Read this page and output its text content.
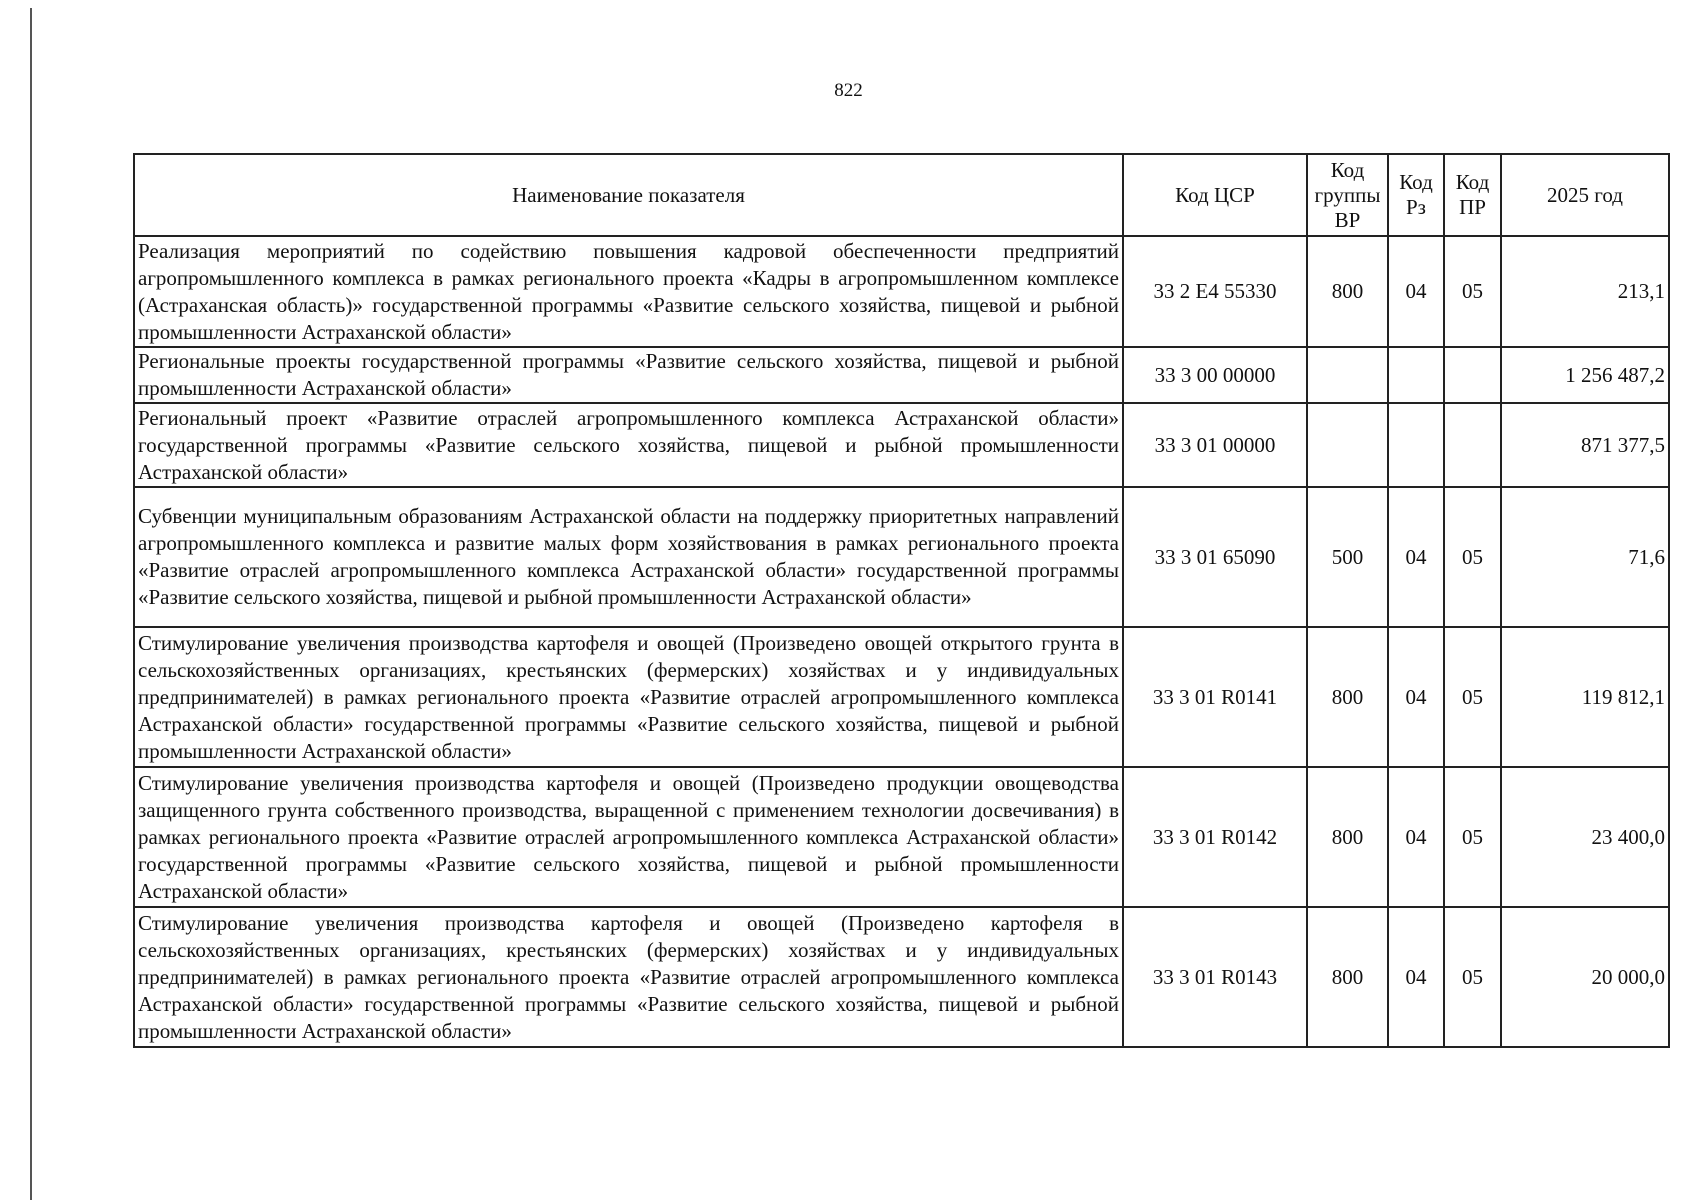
822
Наименование показателя	Код ЦСР	Код группы ВР	Код Рз	Код ПР	2025 год
Реализация мероприятий по содействию повышения кадровой обеспеченности предприятий агропромышленного комплекса в рамках регионального проекта «Кадры в агропромышленном комплексе (Астраханская область)» государственной программы «Развитие сельского хозяйства, пищевой и рыбной промышленности Астраханской области»	33 2 Е4 55330	800	04	05	213,1
Региональные проекты государственной программы «Развитие сельского хозяйства, пищевой и рыбной промышленности Астраханской области»	33 3 00 00000				1 256 487,2
Региональный проект «Развитие отраслей агропромышленного комплекса Астраханской области» государственной программы «Развитие сельского хозяйства, пищевой и рыбной промышленности Астраханской области»	33 3 01 00000				871 377,5
Субвенции муниципальным образованиям Астраханской области на поддержку приоритетных направлений агропромышленного комплекса и развитие малых форм хозяйствования в рамках регионального проекта «Развитие отраслей агропромышленного комплекса Астраханской области» государственной программы «Развитие сельского хозяйства, пищевой и рыбной промышленности Астраханской области»	33 3 01 65090	500	04	05	71,6
Стимулирование увеличения производства картофеля и овощей (Произведено овощей открытого грунта в сельскохозяйственных организациях, крестьянских (фермерских) хозяйствах и у индивидуальных предпринимателей) в рамках регионального проекта «Развитие отраслей агропромышленного комплекса Астраханской области» государственной программы «Развитие сельского хозяйства, пищевой и рыбной промышленности Астраханской области»	33 3 01 R0141	800	04	05	119 812,1
Стимулирование увеличения производства картофеля и овощей (Произведено продукции овощеводства защищенного грунта собственного производства, выращенной с применением технологии досвечивания) в рамках регионального проекта «Развитие отраслей агропромышленного комплекса Астраханской области» государственной программы «Развитие сельского хозяйства, пищевой и рыбной промышленности Астраханской области»	33 3 01 R0142	800	04	05	23 400,0
Стимулирование увеличения производства картофеля и овощей (Произведено картофеля в сельскохозяйственных организациях, крестьянских (фермерских) хозяйствах и у индивидуальных предпринимателей) в рамках регионального проекта «Развитие отраслей агропромышленного комплекса Астраханской области» государственной программы «Развитие сельского хозяйства, пищевой и рыбной промышленности Астраханской области»	33 3 01 R0143	800	04	05	20 000,0
